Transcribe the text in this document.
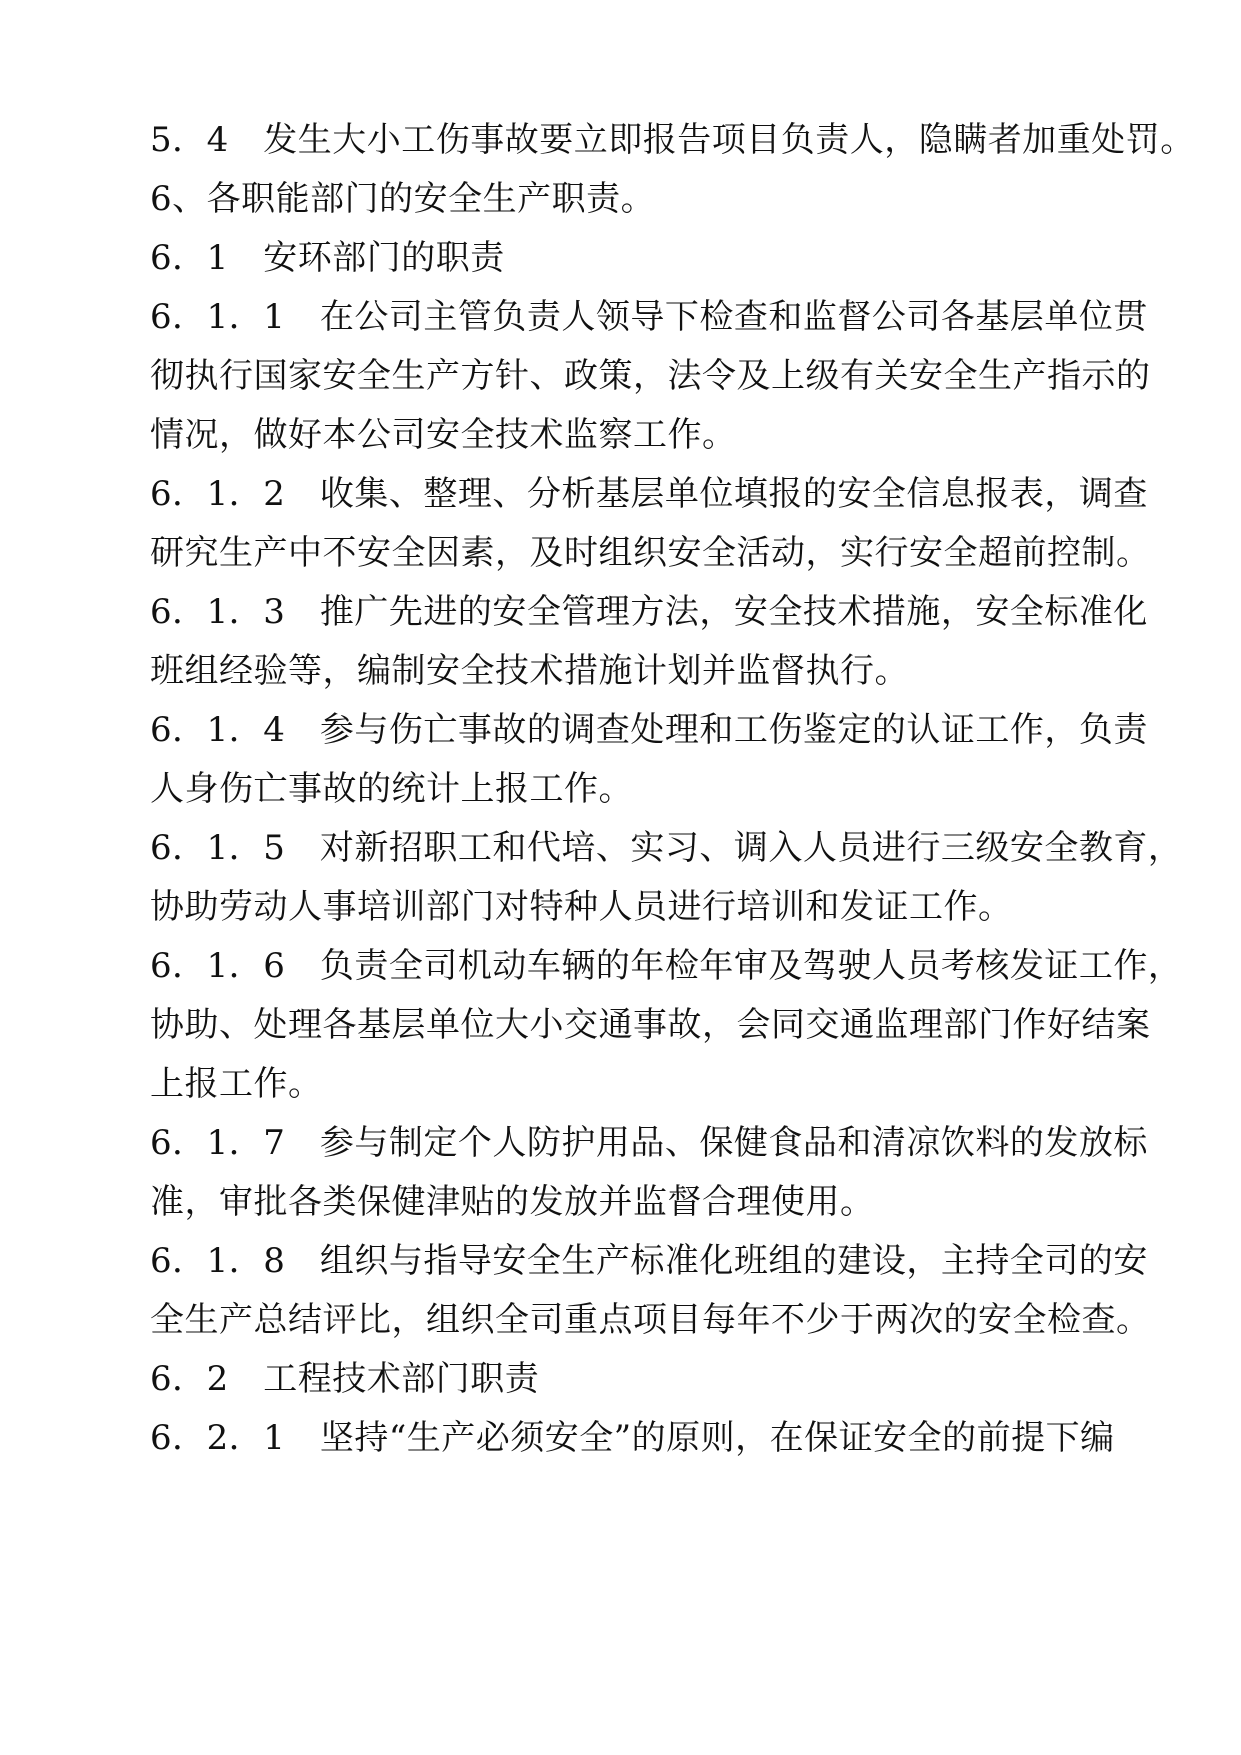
5．4　发生大小工伤事故要立即报告项目负责人，隐瞒者加重处罚。
6、各职能部门的安全生产职责。
6．1　安环部门的职责
6．1．1　在公司主管负责人领导下检查和监督公司各基层单位贯
彻执行国家安全生产方针、政策，法令及上级有关安全生产指示的
情况，做好本公司安全技术监察工作。
6．1．2　收集、整理、分析基层单位填报的安全信息报表，调查
研究生产中不安全因素，及时组织安全活动，实行安全超前控制。
6．1．3　推广先进的安全管理方法，安全技术措施，安全标准化
班组经验等，编制安全技术措施计划并监督执行。
6．1．4　参与伤亡事故的调查处理和工伤鉴定的认证工作，负责
人身伤亡事故的统计上报工作。
6．1．5　对新招职工和代培、实习、调入人员进行三级安全教育，
协助劳动人事培训部门对特种人员进行培训和发证工作。
6．1．6　负责全司机动车辆的年检年审及驾驶人员考核发证工作，
协助、处理各基层单位大小交通事故，会同交通监理部门作好结案
上报工作。
6．1．7　参与制定个人防护用品、保健食品和清凉饮料的发放标
准，审批各类保健津贴的发放并监督合理使用。
6．1．8　组织与指导安全生产标准化班组的建设，主持全司的安
全生产总结评比，组织全司重点项目每年不少于两次的安全检查。
6．2　工程技术部门职责
6．2．1　坚持“生产必须安全”的原则，在保证安全的前提下编
